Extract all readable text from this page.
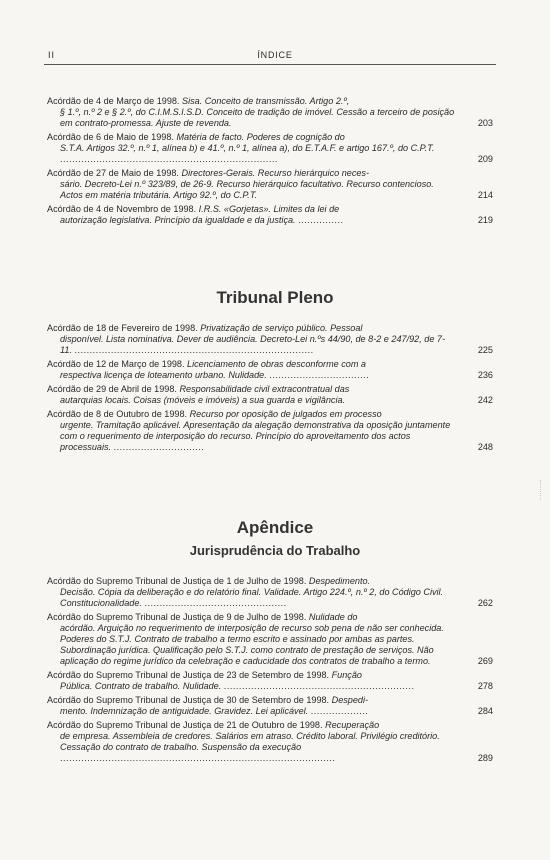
II	ÍNDICE
Acórdão de 4 de Março de 1998. Sisa. Conceito de transmissão. Artigo 2.º,
§ 1.º, n.º 2 e § 2.º, do C.I.M.S.I.S.D. Conceito de tradição de imóvel. Cessão a terceiro de posição em contrato-promessa. Ajuste de revenda.	203
Acórdão de 6 de Maio de 1998. Matéria de facto. Poderes de cognição do
S.T.A. Artigos 32.º, n.º 1, alínea b) e 41.º, n.º 1, alínea a), do E.T.A.F. e artigo 167.º, do C.P.T. ........................................................................	209
Acórdão de 27 de Maio de 1998. Directores-Gerais. Recurso hierárquico neces-
sário. Decreto-Lei n.º 323/89, de 26-9. Recurso hierárquico facultativo. Recurso contencioso. Actos em matéria tributária. Artigo 92.º, do C.P.T.	214
Acórdão de 4 de Novembro de 1998. I.R.S. «Gorjetas». Limites da lei de
autorização legislativa. Princípio da igualdade e da justiça. ...............	219
Tribunal Pleno
Acórdão de 18 de Fevereiro de 1998. Privatização de serviço público. Pessoal
disponível. Lista nominativa. Dever de audiência. Decreto-Lei n.ºs 44/90, de 8-2 e 247/92, de 7-11. ...............................................................................	225
Acórdão de 12 de Março de 1998. Licenciamento de obras desconforme com a
respectiva licença de loteamento urbano. Nulidade. .................................	236
Acórdão de 29 de Abril de 1998. Responsabilidade civil extracontratual das
autarquias locais. Coisas (móveis e imóveis) a sua guarda e vigilância.	242
Acórdão de 8 de Outubro de 1998. Recurso por oposição de julgados em processo
urgente. Tramitação aplicável. Apresentação da alegação demonstrativa da oposição juntamente com o requerimento de interposição do recurso. Princípio do aproveitamento dos actos processuais. ..............................	248
Apêndice
Jurisprudência do Trabalho
Acórdão do Supremo Tribunal de Justiça de 1 de Julho de 1998. Despedimento.
Decisão. Cópia da deliberação e do relatório final. Validade. Artigo 224.º, n.º 2, do Código Civil. Constitucionalidade. ...............................................	262
Acórdão do Supremo Tribunal de Justiça de 9 de Julho de 1998. Nulidade do
acórdão. Arguição no requerimento de interposição de recurso sob pena de não ser conhecida. Poderes do S.T.J. Contrato de trabalho a termo escrito e assinado por ambas as partes. Subordinação jurídica. Qualificação pelo S.T.J. como contrato de prestação de serviços. Não aplicação do regime jurídico da celebração e caducidade dos contratos de trabalho a termo.	269
Acórdão do Supremo Tribunal de Justiça de 23 de Setembro de 1998. Função
Pública. Contrato de trabalho. Nulidade. ...............................................................	278
Acórdão do Supremo Tribunal de Justiça de 30 de Setembro de 1998. Despedi-
mento. Indemnização de antiguidade. Gravidez. Lei aplicável. ...................	284
Acórdão do Supremo Tribunal de Justiça de 21 de Outubro de 1998. Recuperação
de empresa. Assembleia de credores. Salários em atraso. Crédito laboral. Privilégio creditório. Cessação do contrato de trabalho. Suspensão da execução ...........................................................................................	289
